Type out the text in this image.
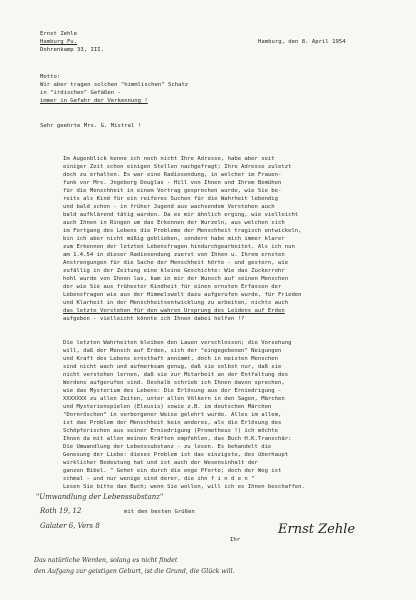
Ernst Zehle
Hamburg Fu.
Dohrenkamp 33, III.
Hamburg, den 8. April 1954
Motto:
Wir aber tragen solchen "himmlischen" Schatz
in "irdischen" Gefäßen -
immer in Gefahr der Verkennung !
Sehr geehrte Mrs. G. Mistral !
Im Augenblick kenne ich noch nicht Ihre Adresse, habe aber seit
einiger Zeit schon einigen Stellen nachgefragt; Ihre Adresse zuletzt
doch zu erhalten. Es war eine Radiosendung, in welcher im Frauen-
funk vor Mrs. Jngeborg Douglas - Hill von Ihnen und Ihrem Bemühen
für die Menschheit in einem Vortrag gesprochen wurde, wie Sie be-
reits als Kind für ein reiferes Suchen für die Wahrheit lebendig
und bald schon - in früher Jugend aus wachsendem Verstehen auch
bald aufklärend tätig wurden. Da es mir ähnlich erging, wie vielleicht
auch Ihnen in Ringen um das Erkennen der Wurzeln, aus welchen sich
im Fortgang des Lebens die Probleme der Menschheit tragisch entwickeln,
bin ich aber nicht müßig geblieben, sondern habe mich immer klarer
zum Erkennen der letzten Lebensfragen hindurchgearbeitet. Als ich nun
am 1.4.54 in dieser Radiosendung zuerst von Ihnen u. Ihrem ernsten
Anstrengungen für die Sache der Menschheit hörte - und gestern, wie
zufällig in der Zeitung eine kleine Geschichte: Wie das Zuckerrohr
hohl wurde von Ihnen las, kam in mir der Wunsch auf seinen Menschen
der wie Sie aus frühester Kindheit für einen ernsten Erfassen der
Lebensfragen wie aus der Himmelswelt dazu aufgerufen wurde, für Frieden
und Klarheit in der Menschheitsentwicklung zu arbeiten, nichts auch
das letzte Verstehen für den wahren Ursprung des Leidens auf Erden
aufgeben - vielleicht könnte ich Ihnen dabei helfen !?
Die letzten Wahrheiten bleiben den Lauen verschlossen; die Vorsehung
will, daß der Mensch auf Erden, sich der "eingegebenen" Neigungen
und Kraft des Lebens ernsthaft annimmt, doch in meisten Menschen
sind nicht wach und aufmerksam genug, daß sie selbst nur, daß sie
nicht verstehen lernen, daß sie zur Mitarbeit an der Entfaltung des
Werdens aufgerufen sind. Deshalb schrieb ich Ihnen davon sprechen,
wie das Mysterium des Lebens: Die Erlösung aus der Erniedrigung -
XXXXXXX zu allen Zeiten, unter allen Völkern in den Sagen, Märchen
und Mysterienspielen (Eleusis) sowie z.B. im deutschen Märchen
"Dornröschen" in verborgener Weise gelehrt wurde. Alles im allem,
ist das Problem der Menschheit kein anderes, als die Erlösung des
Schöpferischen aus seiner Erniedrigung (Prometheus !) ich möchte
Ihnen da mit allen meinen Kräften empfehlen, das Buch H.K.Transchär:
Die Umwandlung der Lebenssubstanz - zu lesen. Es behandelt die
Genesung der Liebe: dieses Problem ist das einzigste, des überhaupt
wirklicher Bedeutung hat und ist auch der Wesensinhalt der
ganzen Bibel. " Gehet ein durch die enge Pforte; doch der Weg ist
schmal - und nur wenige sind derer, die ihn f i n d e n "
Lesen Sie bitte das Buch; wenn Sie wollen, will ich es Ihnen beschaffen.
"Umwandlung der Lebenssubstanz"
Roth 19, 12
Galater 6, Vers 8
mit den besten Grüßen
Ihr
Ernst Zehle
Das natürliche Werden, solang es nicht findet
den Aufgang zur geistigen Geburt, ist die Grund, die Glück will.
